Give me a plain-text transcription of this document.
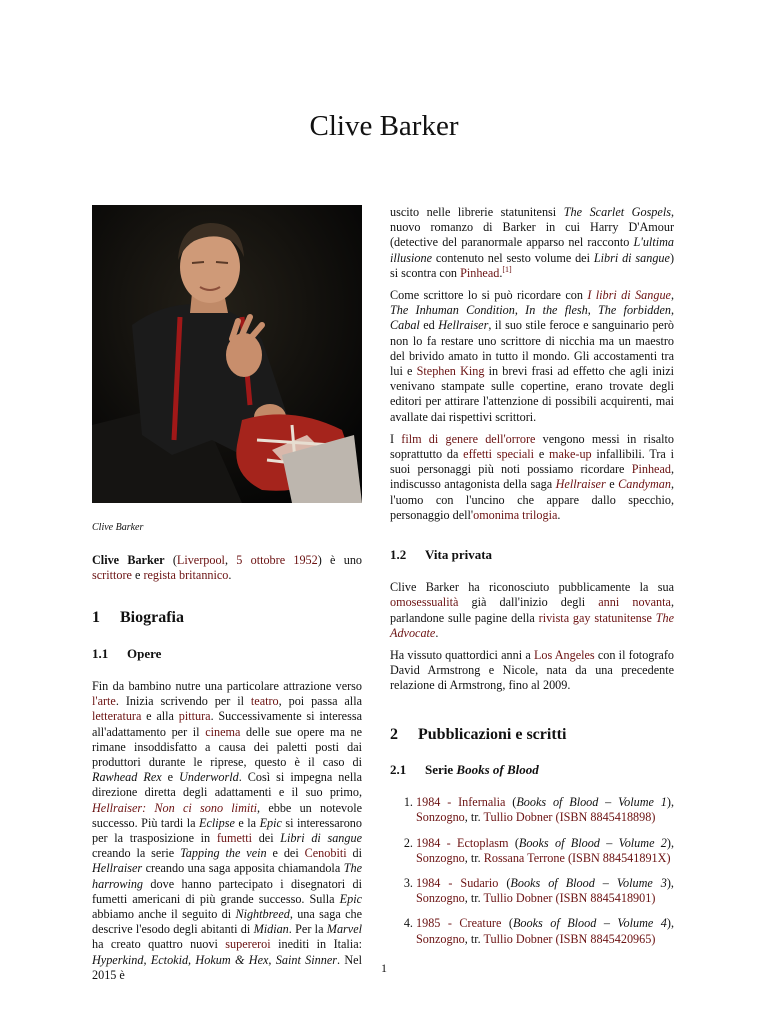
Clive Barker
Clive Barker

Clive Barker (Liverpool, 5 ottobre 1952) è uno scrittore e regista britannico.

1 Biografia
1.1 Opere

Fin da bambino nutre una particolare attrazione verso l'arte. Inizia scrivendo per il teatro, poi passa alla letteratura e alla pittura. Successivamente si interessa all'adattamento per il cinema delle sue opere ma ne rimane insoddisfatto a causa dei paletti posti dai produttori durante le riprese, questo è il caso di Rawhead Rex e Underworld. Così si impegna nella direzione diretta degli adattamenti e il suo primo, Hellraiser: Non ci sono limiti, ebbe un notevole successo. Più tardi la Eclipse e la Epic si interessarono per la trasposizione in fumetti dei Libri di sangue creando la serie Tapping the vein e dei Cenobiti di Hellraiser creando una saga apposita chiamandola The harrowing dove hanno partecipato i disegnatori di fumetti americani di più grande successo. Sulla Epic abbiamo anche il seguito di Nightbreed, una saga che descrive l'esodo degli abitanti di Midian. Per la Marvel ha creato quattro nuovi supereroi inediti in Italia: Hyperkind, Ectokid, Hokum & Hex, Saint Sinner. Nel 2015 è

uscito nelle librerie statunitensi The Scarlet Gospels, nuovo romanzo di Barker in cui Harry D'Amour (detective del paranormale apparso nel racconto L'ultima illusione contenuto nel sesto volume dei Libri di sangue) si scontra con Pinhead.[1]

Come scrittore lo si può ricordare con I libri di Sangue, The Inhuman Condition, In the flesh, The forbidden, Cabal ed Hellraiser, il suo stile feroce e sanguinario però non lo fa restare uno scrittore di nicchia ma un maestro del brivido amato in tutto il mondo. Gli accostamenti tra lui e Stephen King in brevi frasi ad effetto che agli inizi venivano stampate sulle copertine, erano trovate degli editori per attirare l'attenzione di possibili acquirenti, mai avallate dai rispettivi scrittori.

I film di genere dell'orrore vengono messi in risalto soprattutto da effetti speciali e make-up infallibili. Tra i suoi personaggi più noti possiamo ricordare Pinhead, indiscusso antagonista della saga Hellraiser e Candyman, l'uomo con l'uncino che appare dallo specchio, personaggio dell'omonima trilogia.

1.2 Vita privata

Clive Barker ha riconosciuto pubblicamente la sua omosessualità già dall'inizio degli anni novanta, parlandone sulle pagine della rivista gay statunitense The Advocate.

Ha vissuto quattordici anni a Los Angeles con il fotografo David Armstrong e Nicole, nata da una precedente relazione di Armstrong, fino al 2009.

2 Pubblicazioni e scritti
2.1 Serie Books of Blood
1. 1984 - Infernalia (Books of Blood – Volume 1), Sonzogno, tr. Tullio Dobner (ISBN 8845418898)
2. 1984 - Ectoplasm (Books of Blood – Volume 2), Sonzogno, tr. Rossana Terrone (ISBN 884541891X)
3. 1984 - Sudario (Books of Blood – Volume 3), Sonzogno, tr. Tullio Dobner (ISBN 8845418901)
4. 1985 - Creature (Books of Blood – Volume 4), Sonzogno, tr. Tullio Dobner (ISBN 8845420965)
1
